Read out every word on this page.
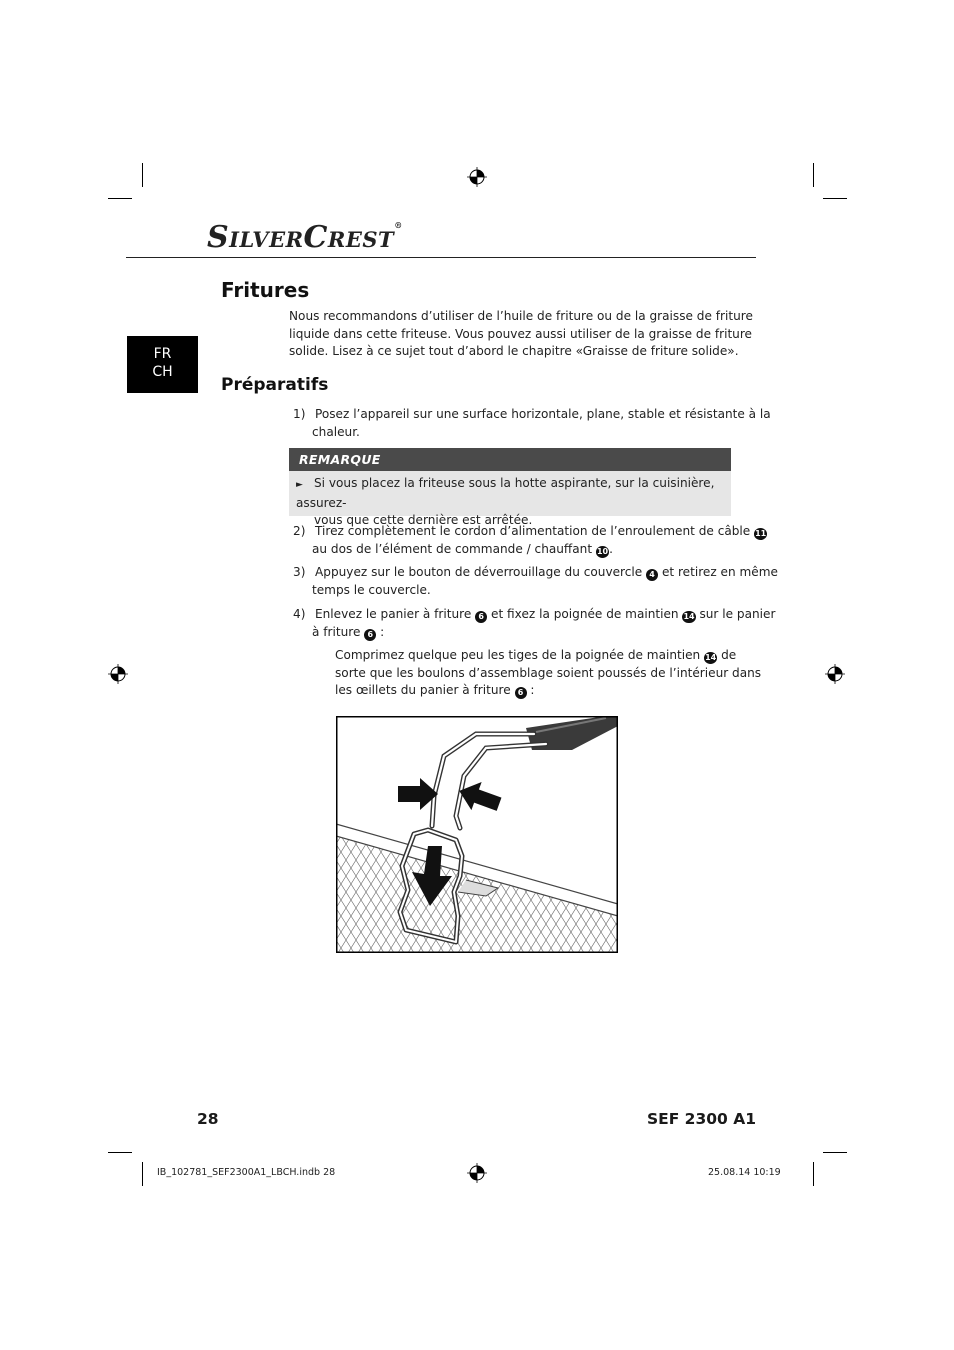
SILVERCREST®
FR
CH
Fritures
Nous recommandons d’utiliser de l’huile de friture ou de la graisse de friture
liquide dans cette friteuse. Vous pouvez aussi utiliser de la graisse de friture
solide. Lisez à ce sujet tout d’abord le chapitre «Graisse de friture solide».
Préparatifs
1) Posez l’appareil sur une surface horizontale, plane, stable et résistante à la
chaleur.
REMARQUE
► Si vous placez la friteuse sous la hotte aspirante, sur la cuisinière, assurez-
vous que cette dernière est arrêtée.
2) Tirez complètement le cordon d’alimentation de l’enroulement de câble 11
au dos de l’élément de commande / chauffant 10.
3) Appuyez sur le bouton de déverrouillage du couvercle 4 et retirez en même
temps le couvercle.
4) Enlevez le panier à friture 6 et fixez la poignée de maintien 14 sur le panier
à friture 6 :
Comprimez quelque peu les tiges de la poignée de maintien 14 de
sorte que les boulons d’assemblage soient poussés de l’intérieur dans
les œillets du panier à friture 6 :
28	SEF 2300 A1
IB_102781_SEF2300A1_LBCH.indb 28	25.08.14 10:19
